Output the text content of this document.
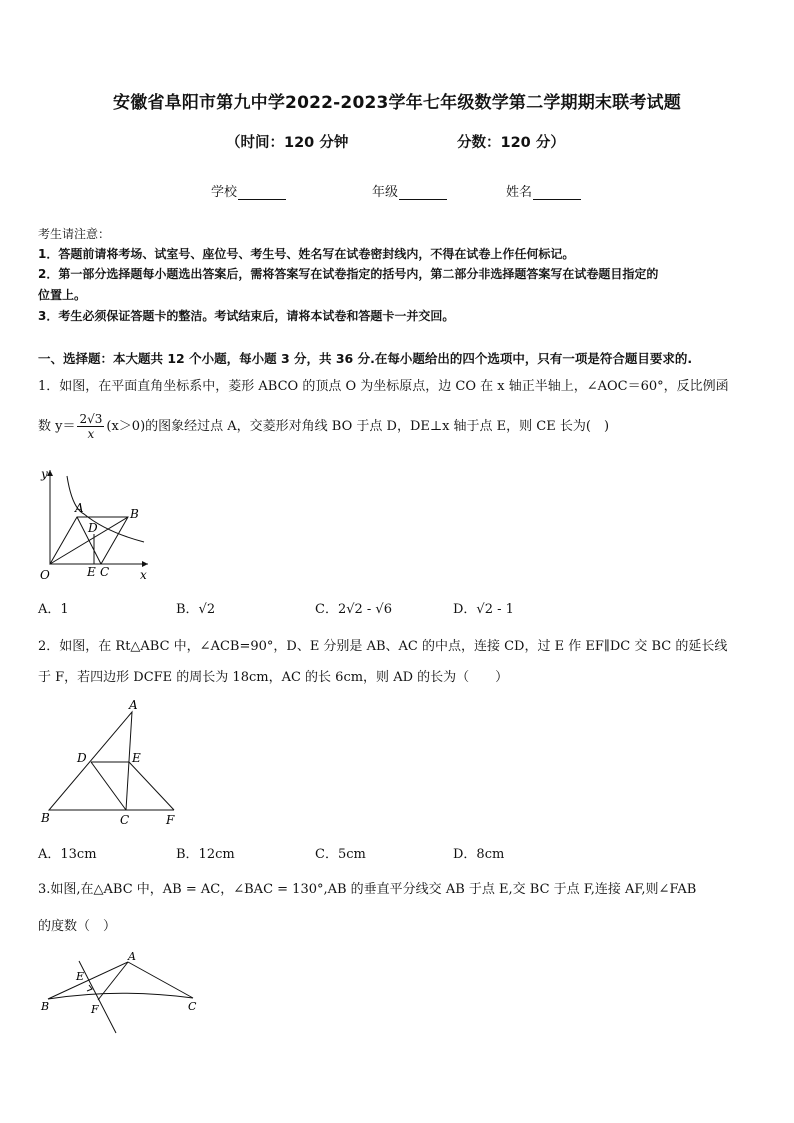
安徽省阜阳市第九中学2022-2023学年七年级数学第二学期期末联考试题
（时间：120 分钟	分数：120 分）
学校	年级	姓名
考生请注意：
1．答题前请将考场、试室号、座位号、考生号、姓名写在试卷密封线内，不得在试卷上作任何标记。
2．第一部分选择题每小题选出答案后，需将答案写在试卷指定的括号内，第二部分非选择题答案写在试卷题目指定的
位置上。
3．考生必须保证答题卡的整洁。考试结束后，请将本试卷和答题卡一并交回。
一、选择题：本大题共 12 个小题，每小题 3 分，共 36 分.在每小题给出的四个选项中，只有一项是符合题目要求的.
1．如图，在平面直角坐标系中，菱形 ABCO 的顶点 O 为坐标原点，边 CO 在 x 轴正半轴上，∠AOC＝60°，反比例函
数 $y= \frac{2√3}{x} (x>0)$的图象经过点 A，交菱形对角线 BO 于点 D，DE⊥x 轴于点 E，则 CE 长为(　)
y
x
O
A	B
D
E C
A．1	B．√2	C．2√2 - √6	D．√2 - 1
2．如图，在 Rt△ABC 中，∠ACB=90°，D、E 分别是 AB、AC 的中点，连接 CD，过 E 作 EF∥DC 交 BC 的延长线
于 F，若四边形 DCFE 的周长为 18cm，AC 的长 6cm，则 AD 的长为（　　）
A
D	E
B	C	F
A．13cm	B．12cm	C．5cm	D．8cm
3.如图,在△ABC 中，AB = AC，∠BAC = 130°,AB 的垂直平分线交 AB 于点 E,交 BC 于点 F,连接 AF,则∠FAB
的度数（　）
A
E
B	F	C
